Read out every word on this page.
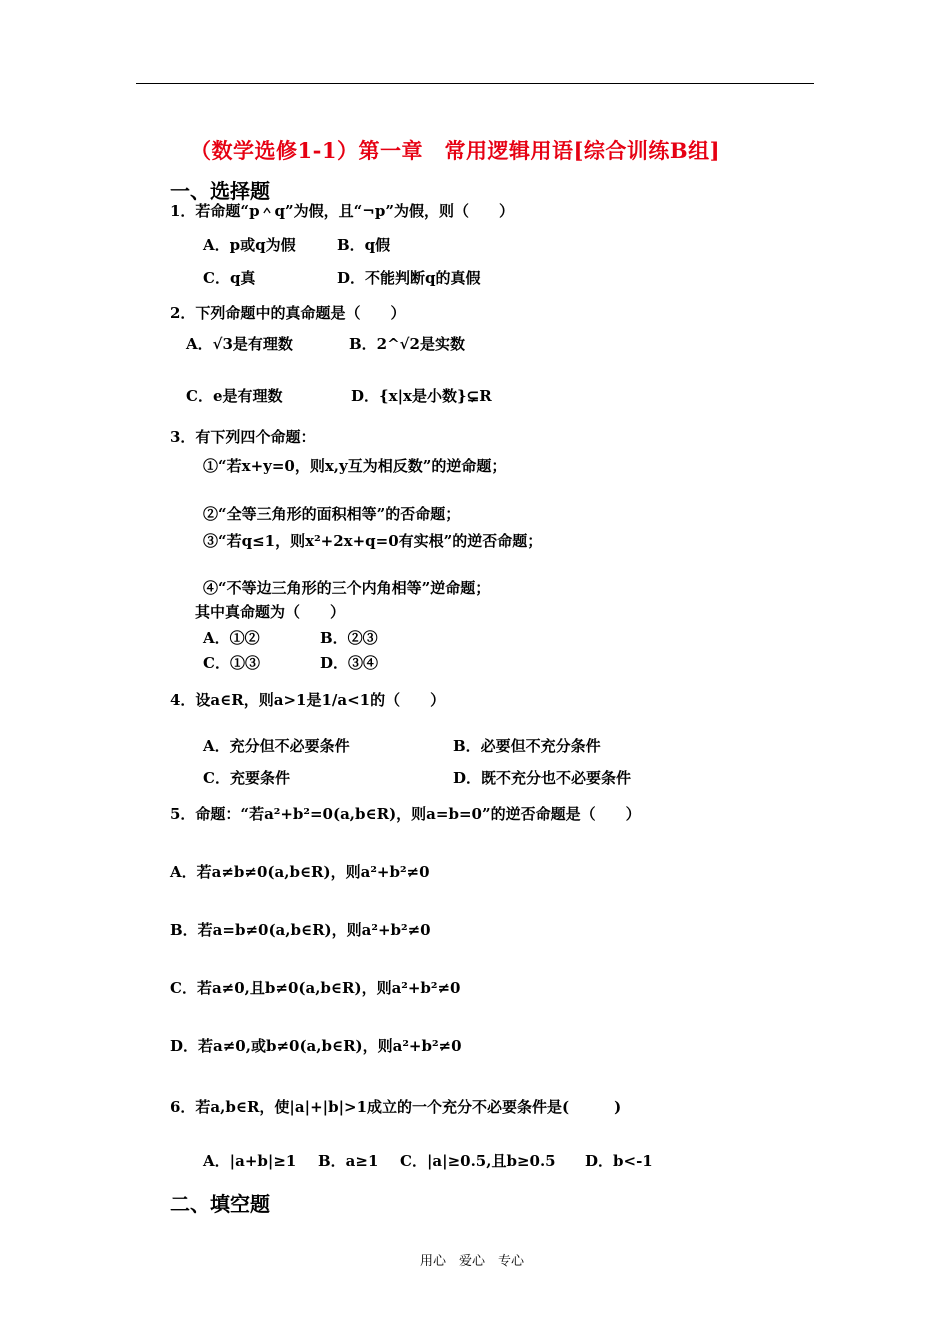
（数学选修1-1）第一章　常用逻辑用语[综合训练B组]
一、选择题
1．若命题“p＾q”为假，且“¬p”为假，则（　　）
A．p或q为假	B．q假
C．q真	D．不能判断q的真假
2．下列命题中的真命题是（　　）
A．√3是有理数	B．2^√2是实数
C．e是有理数	D．{x|x是小数}⊊R
3．有下列四个命题：
①“若x+y=0，则x,y互为相反数”的逆命题；
②“全等三角形的面积相等”的否命题；
③“若q≤1，则x²+2x+q=0有实根”的逆否命题；
④“不等边三角形的三个内角相等”逆命题；
其中真命题为（　　）
A．①②	B．②③
C．①③	D．③④
4．设a∈R，则a>1是1/a<1的（　　）
A．充分但不必要条件	B．必要但不充分条件
C．充要条件	D．既不充分也不必要条件
5．命题：“若a²+b²=0(a,b∈R)，则a=b=0”的逆否命题是（　　）
A．若a≠b≠0(a,b∈R)，则a²+b²≠0
B．若a=b≠0(a,b∈R)，则a²+b²≠0
C．若a≠0,且b≠0(a,b∈R)，则a²+b²≠0
D．若a≠0,或b≠0(a,b∈R)，则a²+b²≠0
6．若a,b∈R，使|a|+|b|>1成立的一个充分不必要条件是(　　　)
A．|a+b|≥1 B．a≥1 C．|a|≥0.5,且b≥0.5 D．b<-1
二、填空题
用心　爱心　专心
